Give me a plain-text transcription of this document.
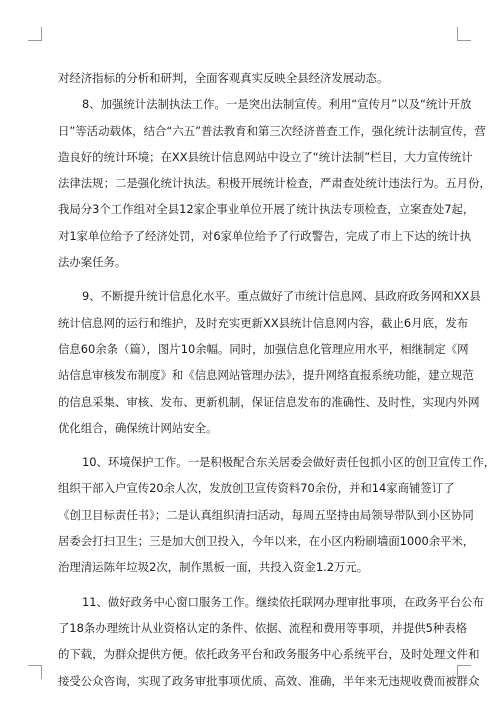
对经济指标的分析和研判，全面客观真实反映全县经济发展动态。
8、加强统计法制执法工作。一是突出法制宣传。利用“宣传月”以及“统计开放
日”等活动载体，结合“六五”普法教育和第三次经济普查工作，强化统计法制宣传，营
造良好的统计环境；在XX县统计信息网站中设立了“统计法制”栏目，大力宣传统计
法律法规；二是强化统计执法。积极开展统计检查，严肃查处统计违法行为。五月份，
我局分3个工作组对全县12家企事业单位开展了统计执法专项检查，立案查处7起，
对1家单位给予了经济处罚，对6家单位给予了行政警告，完成了市上下达的统计执
法办案任务。
9、不断提升统计信息化水平。重点做好了市统计信息网、县政府政务网和XX县
统计信息网的运行和维护，及时充实更新XX县统计信息网内容，截止6月底，发布
信息60余条（篇），图片10余幅。同时，加强信息化管理应用水平，相继制定《网
站信息审核发布制度》和《信息网站管理办法》，提升网络直报系统功能，建立规范
的信息采集、审核、发布、更新机制，保证信息发布的准确性、及时性，实现内外网
优化组合，确保统计网站安全。
10、环境保护工作。一是积极配合东关居委会做好责任包抓小区的创卫宣传工作，
组织干部入户宣传20余人次，发放创卫宣传资料70余份，并和14家商铺签订了
《创卫目标责任书》；二是认真组织清扫活动，每周五坚持由局领导带队到小区协同
居委会打扫卫生；三是加大创卫投入，今年以来，在小区内粉刷墙面1000余平米，
治理清运陈年垃圾2次，制作黑板一面，共投入资金1.2万元。
11、做好政务中心窗口服务工作。继续依托联网办理审批事项，在政务平台公布
了18条办理统计从业资格认定的条件、依据、流程和费用等事项，并提供5种表格
的下载，为群众提供方便。依托政务平台和政务服务中心系统平台，及时处理文件和
接受公众咨询，实现了政务审批事项优质、高效、准确，半年来无违规收费而被群众
